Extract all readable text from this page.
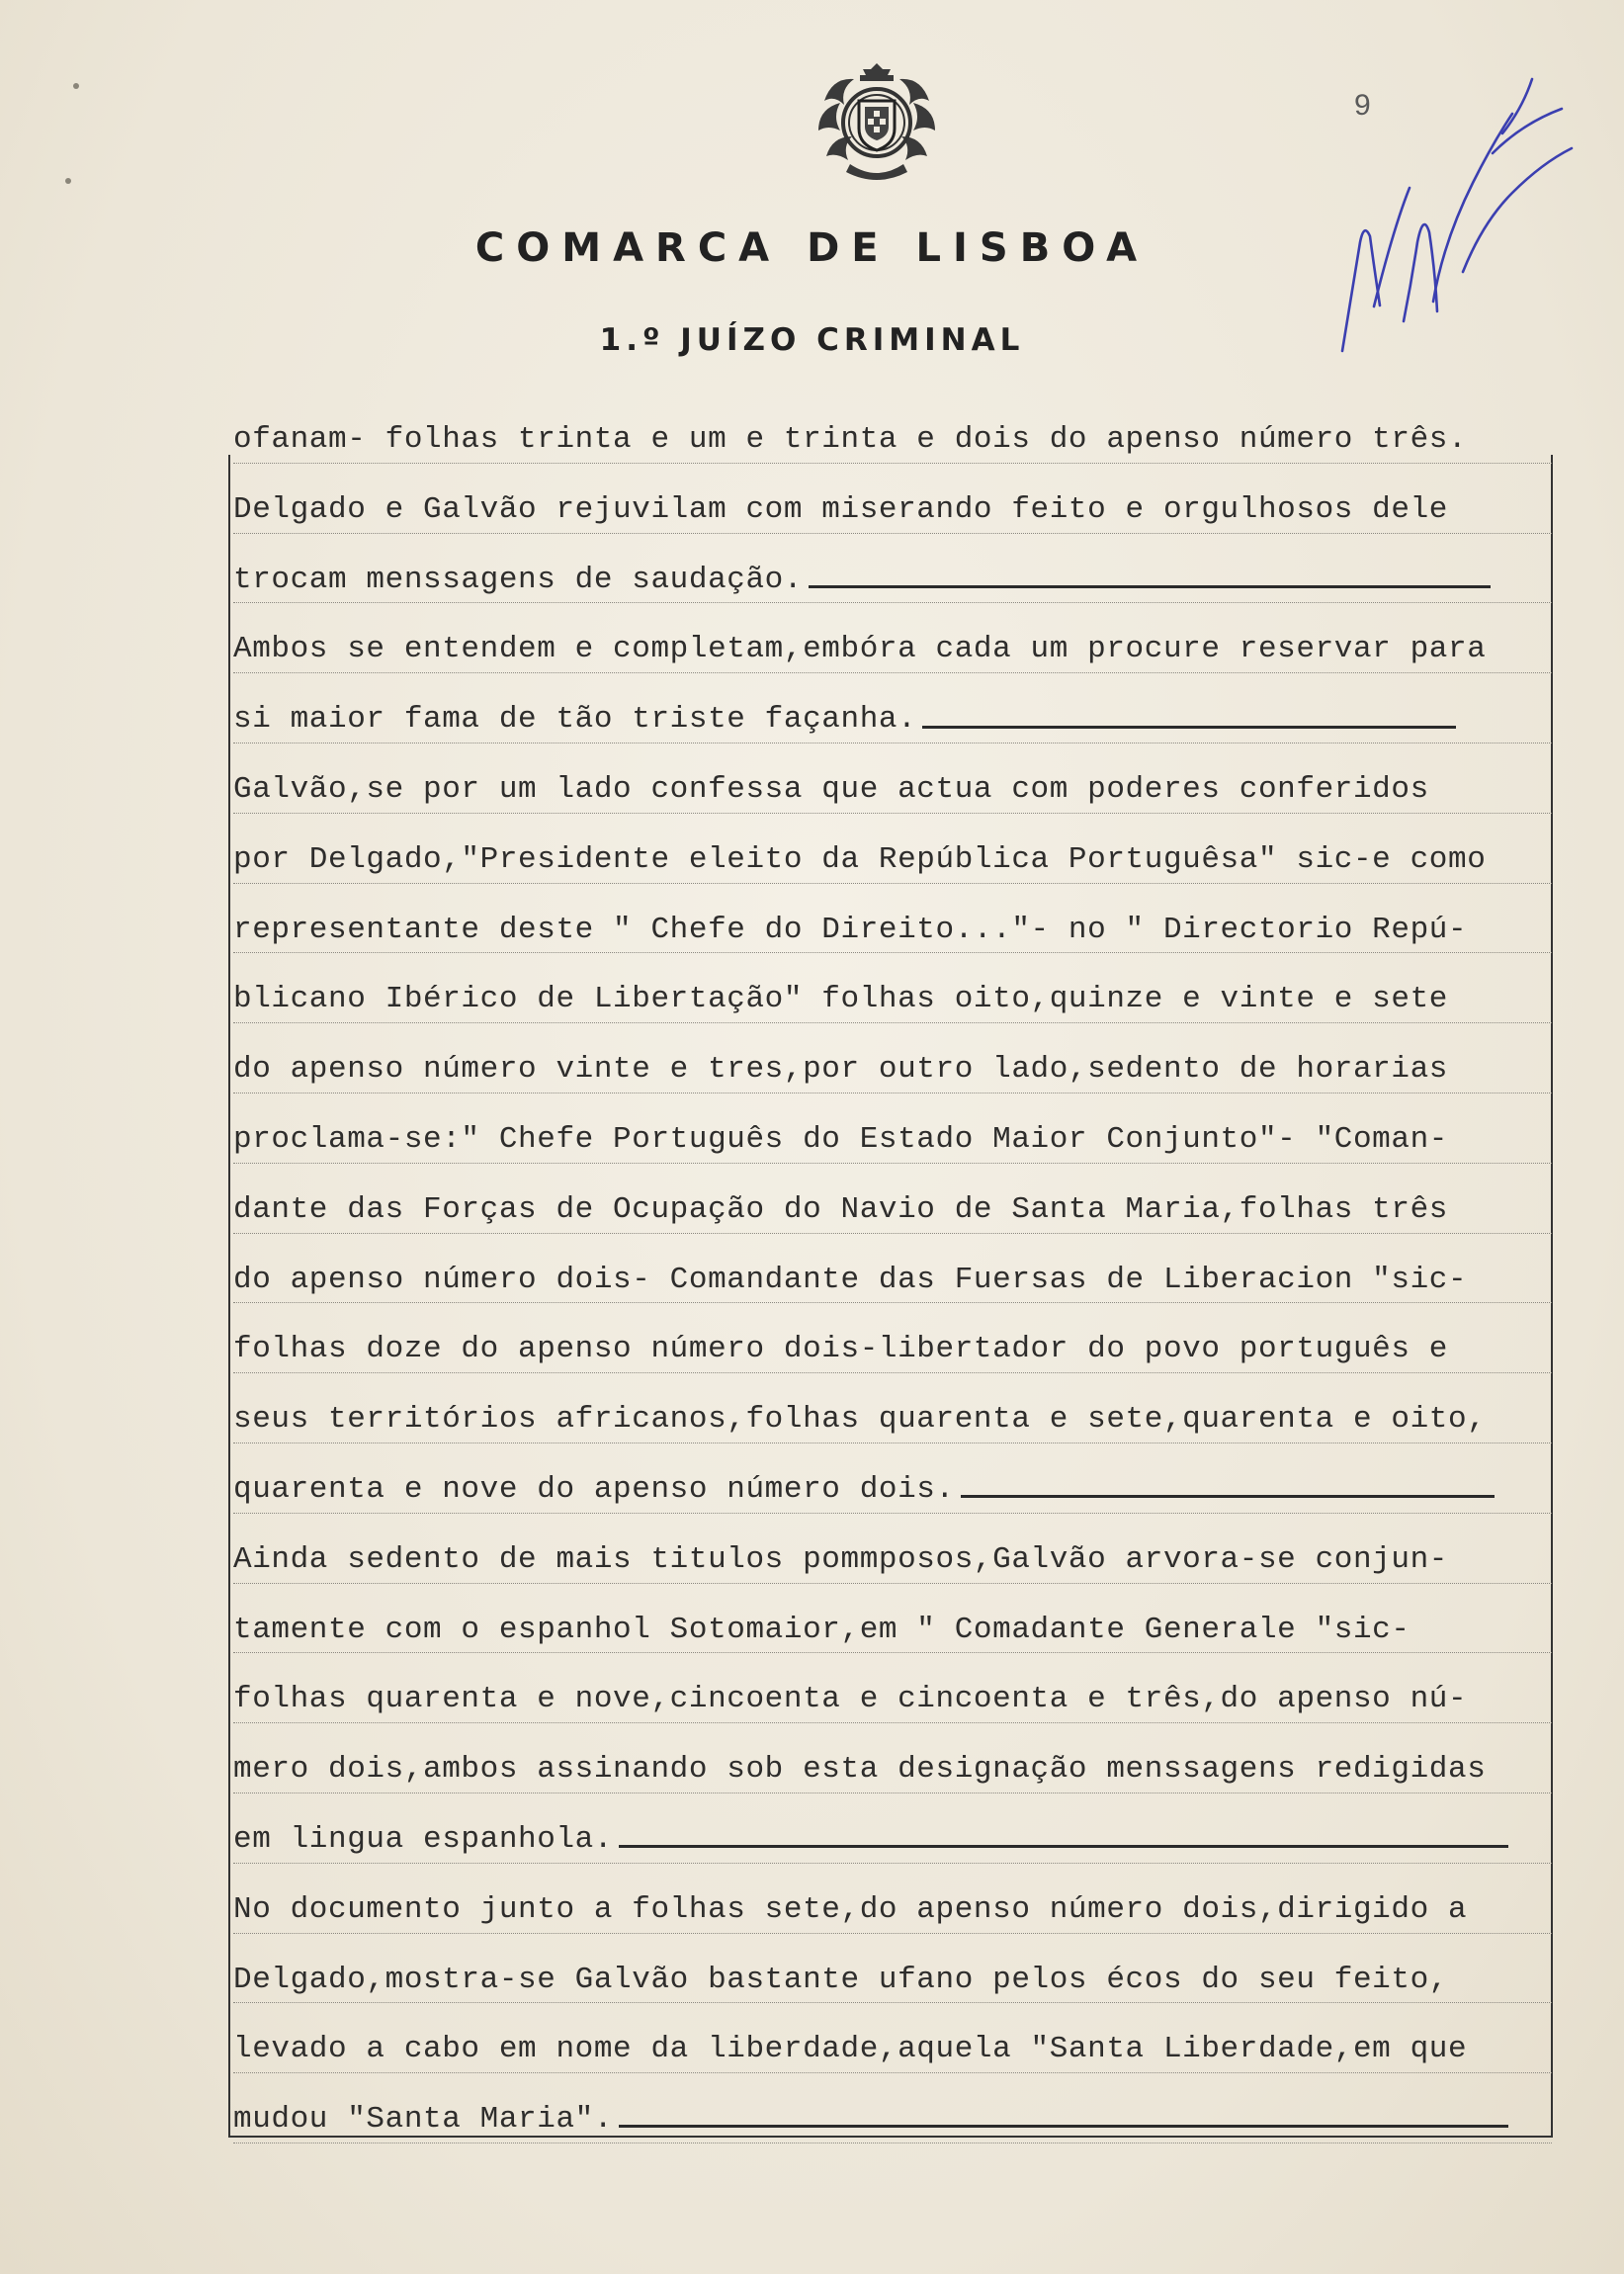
9
COMARCA DE LISBOA
1.º JUÍZO CRIMINAL
ofanam- folhas trinta e um e trinta e dois do apenso número três.
Delgado e Galvão rejuvilam com miserando feito e orgulhosos dele
trocam menssagens de saudação.
Ambos se entendem e completam,embóra cada um procure reservar para
si maior fama de tão triste façanha.
Galvão,se por um lado confessa que actua com poderes conferidos
por Delgado,"Presidente eleito da República Portuguêsa" sic-e como
representante deste " Chefe do Direito..."- no " Directorio Repú-
blicano Ibérico de Libertação" folhas oito,quinze e vinte e sete
do apenso número vinte e tres,por outro lado,sedento de horarias
proclama-se:" Chefe Português do Estado Maior Conjunto"- "Coman-
dante das Forças de Ocupação do Navio de Santa Maria,folhas três
do apenso número dois- Comandante das Fuersas de Liberacion "sic-
folhas doze do apenso número dois-libertador do povo português e
seus territórios africanos,folhas quarenta e sete,quarenta e oito,
quarenta e nove do apenso número dois.
Ainda sedento de mais titulos pommposos,Galvão arvora-se conjun-
tamente com o espanhol Sotomaior,em " Comadante Generale "sic-
folhas quarenta e nove,cincoenta e cincoenta e três,do apenso nú-
mero dois,ambos assinando sob esta designação menssagens redigidas
em lingua espanhola.
No documento junto a folhas sete,do apenso número dois,dirigido a
Delgado,mostra-se Galvão bastante ufano pelos écos do seu feito,
levado a cabo em nome da liberdade,aquela "Santa Liberdade,em que
mudou "Santa Maria".
